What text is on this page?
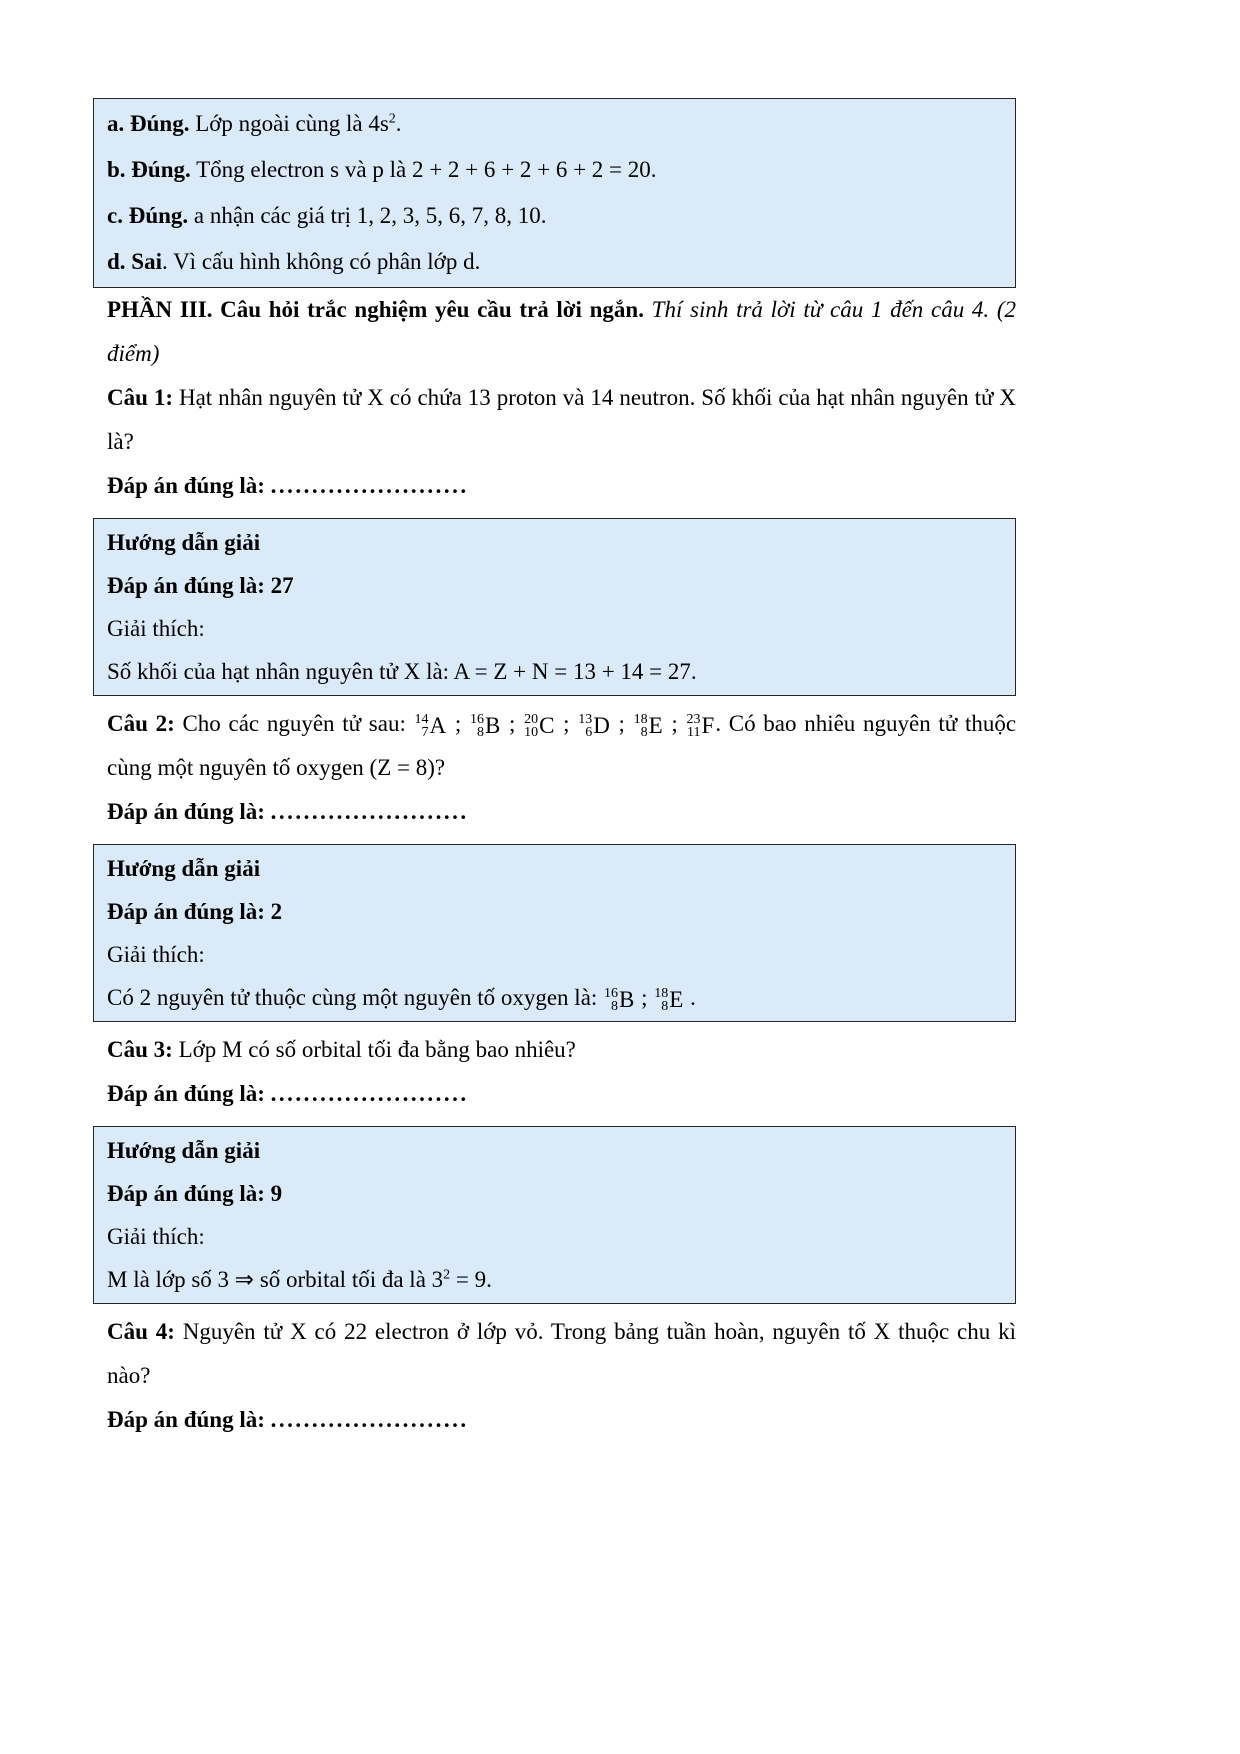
a. Đúng. Lớp ngoài cùng là $4s^2$.

b. Đúng. Tổng electron s và p là 2 + 2 + 6 + 2 + 6 + 2 = 20.

c. Đúng. a nhận các giá trị 1, 2, 3, 5, 6, 7, 8, 10.

d. Sai. Vì cấu hình không có phân lớp d.

PHẦN III. Câu hỏi trắc nghiệm yêu cầu trả lời ngắn. Thí sinh trả lời từ câu 1 đến câu 4. (2 điểm)

Câu 1: Hạt nhân nguyên tử X có chứa 13 proton và 14 neutron. Số khối của hạt nhân nguyên tử X là?

Đáp án đúng là: ........................

Hướng dẫn giải

Đáp án đúng là: 27

Giải thích:

Số khối của hạt nhân nguyên tử X là: A = Z + N = 13 + 14 = 27.

Câu 2: Cho các nguyên tử sau: 14
7 A ; 16
8 B ; 20
10 C ; 13
6 D ; 18
8 E ; 23
11 F . Có bao nhiêu nguyên tử thuộc cùng một nguyên tố oxygen (Z = 8)?

Đáp án đúng là: ........................

Hướng dẫn giải

Đáp án đúng là: 2

Giải thích:

Có 2 nguyên tử thuộc cùng một nguyên tố oxygen là: 16
8 B ; 18
8 E .

Câu 3: Lớp M có số orbital tối đa bằng bao nhiêu?

Đáp án đúng là: ........................

Hướng dẫn giải

Đáp án đúng là: 9

Giải thích:

M là lớp số 3 ⇒ số orbital tối đa là $3^2 = 9$.

Câu 4: Nguyên tử X có 22 electron ở lớp vỏ. Trong bảng tuần hoàn, nguyên tố X thuộc chu kì nào?

Đáp án đúng là: ........................
